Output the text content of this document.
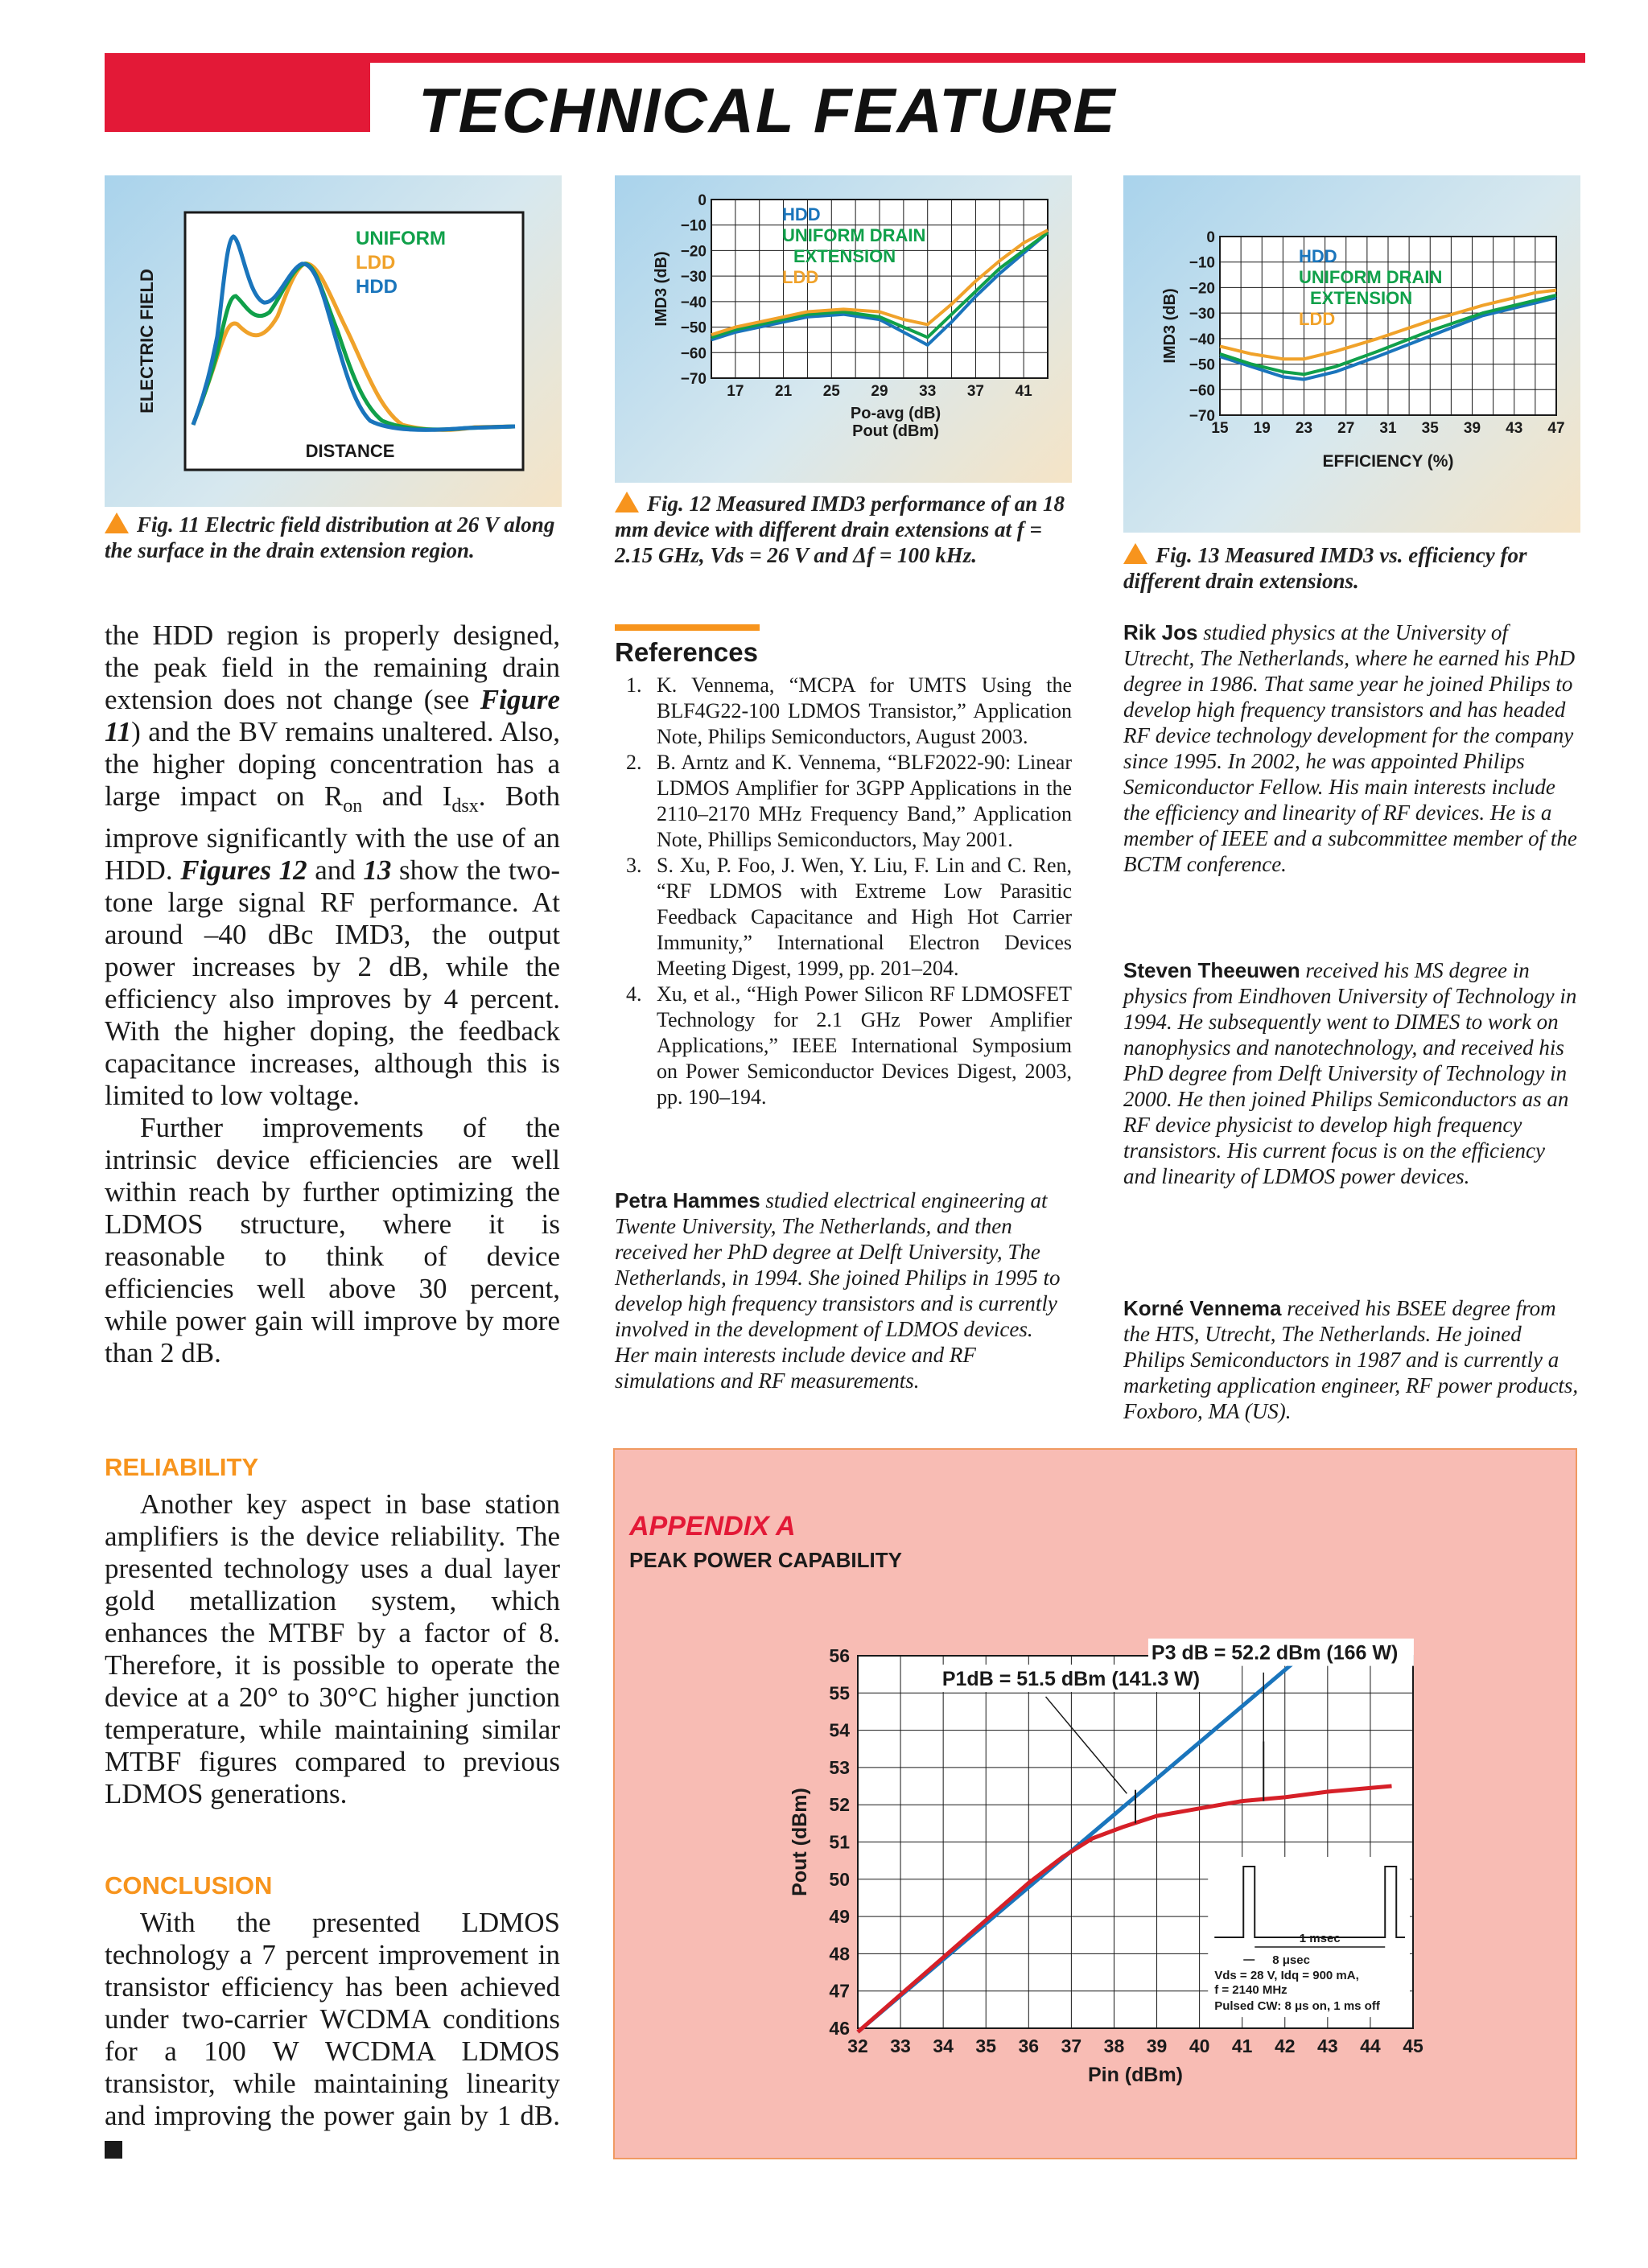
TECHNICAL FEATURE
ELECTRIC FIELD
DISTANCE
UNIFORM
LDD
HDD
Fig. 11 Electric field distribution at 26 V along the surface in the drain extension region.
0
−10
−20
−30
−40
−50
−60
−70
17 21 25 29 33 37 41
IMD3 (dB)
Po-avg (dB)
Pout (dBm)
HDD
UNIFORM DRAIN
EXTENSION
LDD
Fig. 12 Measured IMD3 performance of an 18 mm device with different drain extensions at f = 2.15 GHz, Vds = 26 V and Δf = 100 kHz.
0
−10
−20
−30
−40
−50
−60
−70
15 19 23 27 31 35 39 43 47
IMD3 (dB)
HDD
UNIFORM DRAIN
EXTENSION
LDD
EFFICIENCY (%)
Fig. 13 Measured IMD3 vs. efficiency for different drain extensions.

the HDD region is properly designed, the peak field in the remaining drain extension does not change (see Figure 11) and the BV remains unaltered. Also, the higher doping concentration has a large impact on $R_{on}$ and $I_{dsx}$. Both improve significantly with the use of an HDD. Figures 12 and 13 show the two-tone large signal RF performance. At around –40 dBc IMD3, the output power increases by 2 dB, while the efficiency also improves by 4 percent. With the higher doping, the feedback capacitance increases, although this is limited to low voltage.

Further improvements of the intrinsic device efficiencies are well within reach by further optimizing the LDMOS structure, where it is reasonable to think of device efficiencies well above 30 percent, while power gain will improve by more than 2 dB.

RELIABILITY

Another key aspect in base station amplifiers is the device reliability. The presented technology uses a dual layer gold metallization system, which enhances the MTBF by a factor of 8. Therefore, it is possible to operate the device at a 20° to 30°C higher junction temperature, while maintaining similar MTBF figures compared to previous LDMOS generations.

CONCLUSION

With the presented LDMOS technology a 7 percent improvement in transistor efficiency has been achieved under two-carrier WCDMA conditions for a 100 W WCDMA LDMOS transistor, while maintaining linearity and improving the power gain by 1 dB.

References
1. K. Vennema, “MCPA for UMTS Using the BLF4G22-100 LDMOS Transistor,” Application Note, Philips Semiconductors, August 2003.
2. B. Arntz and K. Vennema, “BLF2022-90: Linear LDMOS Amplifier for 3GPP Applications in the 2110–2170 MHz Frequency Band,” Application Note, Phillips Semiconductors, May 2001.
3. S. Xu, P. Foo, J. Wen, Y. Liu, F. Lin and C. Ren, “RF LDMOS with Extreme Low Parasitic Feedback Capacitance and High Hot Carrier Immunity,” International Electron Devices Meeting Digest, 1999, pp. 201–204.
4. Xu, et al., “High Power Silicon RF LDMOSFET Technology for 2.1 GHz Power Amplifier Applications,” IEEE International Symposium on Power Semiconductor Devices Digest, 2003, pp. 190–194.
Petra Hammes studied electrical engineering at Twente University, The Netherlands, and then received her PhD degree at Delft University, The Netherlands, in 1994. She joined Philips in 1995 to develop high frequency transistors and is currently involved in the development of LDMOS devices. Her main interests include device and RF simulations and RF measurements.
Rik Jos studied physics at the University of Utrecht, The Netherlands, where he earned his PhD degree in 1986. That same year he joined Philips to develop high frequency transistors and has headed RF device technology development for the company since 1995. In 2002, he was appointed Philips Semiconductor Fellow. His main interests include the efficiency and linearity of RF devices. He is a member of IEEE and a subcommittee member of the BCTM conference.
Steven Theeuwen received his MS degree in physics from Eindhoven University of Technology in 1994. He subsequently went to DIMES to work on nanophysics and nanotechnology, and received his PhD degree from Delft University of Technology in 2000. He then joined Philips Semiconductors as an RF device physicist to develop high frequency transistors. His current focus is on the efficiency and linearity of LDMOS power devices.
Korné Vennema received his BSEE degree from the HTS, Utrecht, The Netherlands. He joined Philips Semiconductors in 1987 and is currently a marketing application engineer, RF power products, Foxboro, MA (US).
APPENDIX A
PEAK POWER CAPABILITY
32 33 34 35 36 37 38 39 40 41 42 43 44 45
46
47
48
49
50
51
52
53
54
55
56
Pout (dBm)
Pin (dBm)
1 msec
8 μsec
Vds = 28 V, Idq = 900 mA,
f = 2140 MHz
Pulsed CW: 8 μs on, 1 ms off
P3 dB = 52.2 dBm (166 W)
P1dB = 51.5 dBm (141.3 W)
